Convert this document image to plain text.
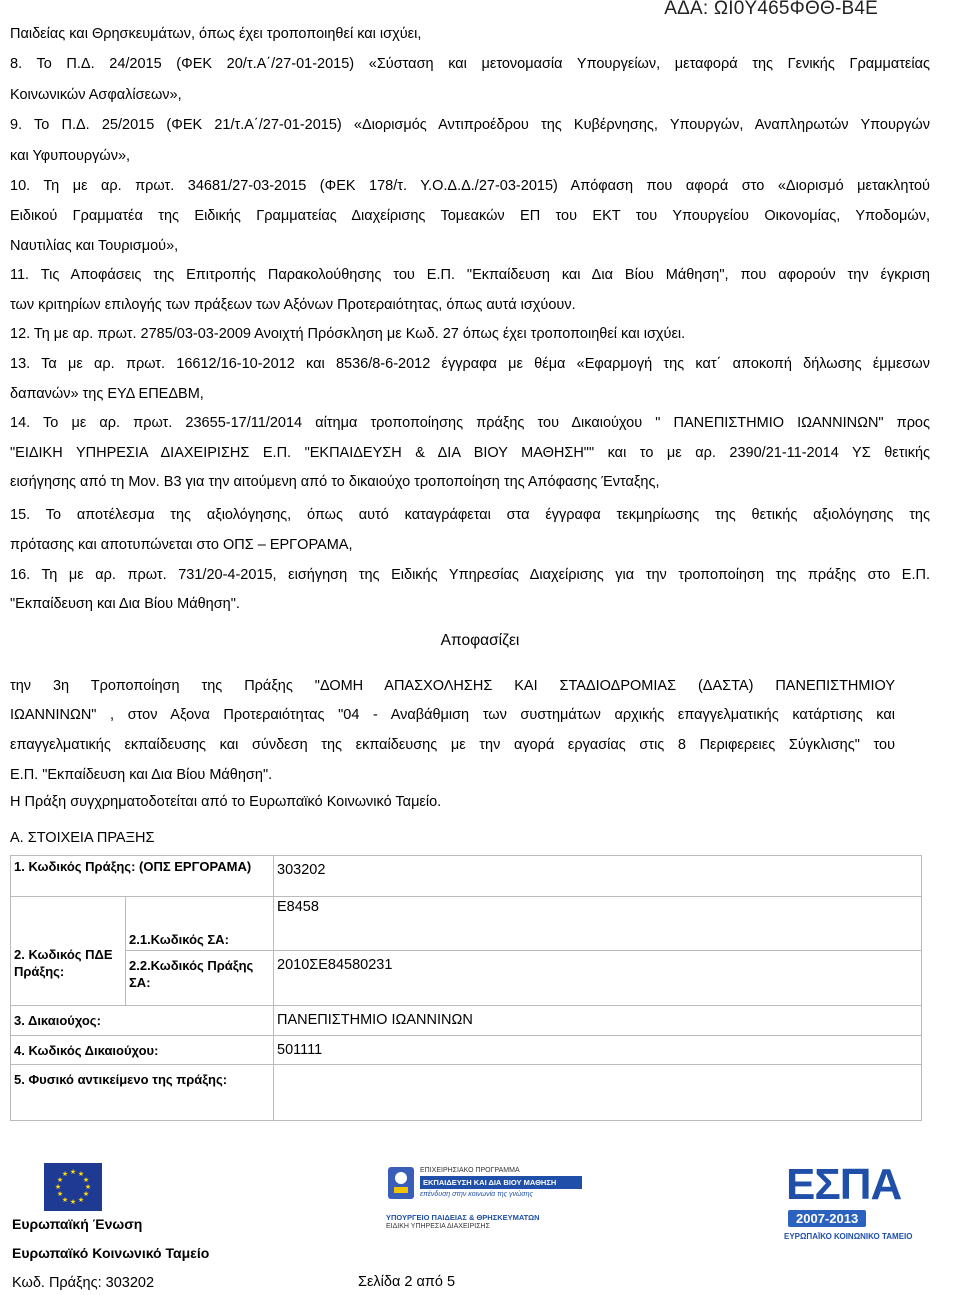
ΑΔΑ: ΩΙ0Υ465ΦΘΘ-Β4Ε
Παιδείας και Θρησκευμάτων, όπως έχει τροποποιηθεί και ισχύει,
8. Το Π.Δ. 24/2015 (ΦΕΚ 20/τ.Α΄/27-01-2015) «Σύσταση και μετονομασία Υπουργείων, μεταφορά της Γενικής Γραμματείας
Κοινωνικών Ασφαλίσεων»,
9. Το Π.Δ. 25/2015 (ΦΕΚ 21/τ.Α΄/27-01-2015) «Διορισμός Αντιπροέδρου της Κυβέρνησης, Υπουργών, Αναπληρωτών Υπουργών
και Υφυπουργών»,
10. Τη με αρ. πρωτ. 34681/27-03-2015 (ΦΕΚ 178/τ. Υ.Ο.Δ.Δ./27-03-2015) Απόφαση που αφορά στο «Διορισμό μετακλητού
Ειδικού Γραμματέα της Ειδικής Γραμματείας Διαχείρισης Τομεακών ΕΠ του ΕΚΤ του Υπουργείου Οικονομίας, Υποδομών,
Ναυτιλίας και Τουρισμού»,
11. Τις Αποφάσεις της Επιτροπής Παρακολούθησης του Ε.Π. "Εκπαίδευση και Δια Βίου Μάθηση", που αφορούν την έγκριση
των κριτηρίων επιλογής των πράξεων των Αξόνων Προτεραιότητας, όπως αυτά ισχύουν.
12. Τη με αρ. πρωτ. 2785/03-03-2009 Ανοιχτή Πρόσκληση με Κωδ. 27 όπως έχει τροποποιηθεί και ισχύει.
13. Τα με αρ. πρωτ. 16612/16-10-2012 και 8536/8-6-2012 έγγραφα με θέμα «Εφαρμογή της κατ΄ αποκοπή δήλωσης έμμεσων
δαπανών» της ΕΥΔ ΕΠΕΔΒΜ,
14. Το με αρ. πρωτ. 23655-17/11/2014 αίτημα τροποποίησης πράξης του Δικαιούχου " ΠΑΝΕΠΙΣΤΗΜΙΟ ΙΩΑΝΝΙΝΩΝ" προς
"ΕΙΔΙΚΗ ΥΠΗΡΕΣΙΑ ΔΙΑΧΕΙΡΙΣΗΣ Ε.Π. "ΕΚΠΑΙΔΕΥΣΗ & ΔΙΑ ΒΙΟΥ ΜΑΘΗΣΗ"" και το με αρ. 2390/21-11-2014 ΥΣ θετικής
εισήγησης από τη Μον. Β3 για την αιτούμενη από το δικαιούχο τροποποίηση της Απόφασης Ένταξης,
15. Το αποτέλεσμα της αξιολόγησης, όπως αυτό καταγράφεται στα έγγραφα τεκμηρίωσης της θετικής αξιολόγησης της
πρότασης και αποτυπώνεται στο ΟΠΣ – ΕΡΓΟΡΑΜΑ,
16. Τη με αρ. πρωτ. 731/20-4-2015, εισήγηση της Ειδικής Υπηρεσίας Διαχείρισης για την τροποποίηση της πράξης στο Ε.Π.
"Εκπαίδευση και Δια Βίου Μάθηση".
Αποφασίζει
την 3η Τροποποίηση της Πράξης "ΔΟΜΗ ΑΠΑΣΧΟΛΗΣΗΣ ΚΑΙ ΣΤΑΔΙΟΔΡΟΜΙΑΣ (ΔΑΣΤΑ) ΠΑΝΕΠΙΣΤΗΜΙΟΥ
ΙΩΑΝΝΙΝΩΝ" , στον Αξονα Προτεραιότητας "04 - Αναβάθμιση των συστημάτων αρχικής επαγγελματικής κατάρτισης και
επαγγελματικής εκπαίδευσης και σύνδεση της εκπαίδευσης με την αγορά εργασίας στις 8 Περιφερειες Σύγκλισης" του
Ε.Π. "Εκπαίδευση και Δια Βίου Μάθηση".
Η Πράξη συγχρηματοδοτείται από το Ευρωπαϊκό Κοινωνικό Ταμείο.
Α. ΣΤΟΙΧΕΙΑ ΠΡΑΞΗΣ
1. Κωδικός Πράξης: (ΟΠΣ ΕΡΓΟΡΑΜΑ)		303202
2. Κωδικός ΠΔΕ Πράξης:	2.1.Κωδικός ΣΑ:	Ε8458
	2.2.Κωδικός Πράξης ΣΑ:	2010ΣΕ84580231
3. Δικαιούχος:		ΠΑΝΕΠΙΣΤΗΜΙΟ ΙΩΑΝΝΙΝΩΝ
4. Κωδικός Δικαιούχου:		501111
5. Φυσικό αντικείμενο της πράξης:		
★ ★
★
★
★
★
★
★
★
★
★
★	ΕΠΙΧΕΙΡΗΣΙΑΚΟ ΠΡΟΓΡΑΜΜΑ
ΕΚΠΑΙΔΕΥΣΗ ΚΑΙ ΔΙΑ ΒΙΟΥ ΜΑΘΗΣΗ
επένδυση στην κοινωνία της γνώσης
ΥΠΟΥΡΓΕΙΟ ΠΑΙΔΕΙΑΣ & ΘΡΗΣΚΕΥΜΑΤΩΝ
ΕΙΔΙΚΗ ΥΠΗΡΕΣΙΑ ΔΙΑΧΕΙΡΙΣΗΣ
ΕΣΠΑ
2007-2013
ΕΥΡΩΠΑΪΚΟ ΚΟΙΝΩΝΙΚΟ ΤΑΜΕΙΟ
Ευρωπαϊκή Ένωση
Ευρωπαϊκό Κοινωνικό Ταμείο
Κωδ. Πράξης: 303202	Σελίδα 2 από 5
